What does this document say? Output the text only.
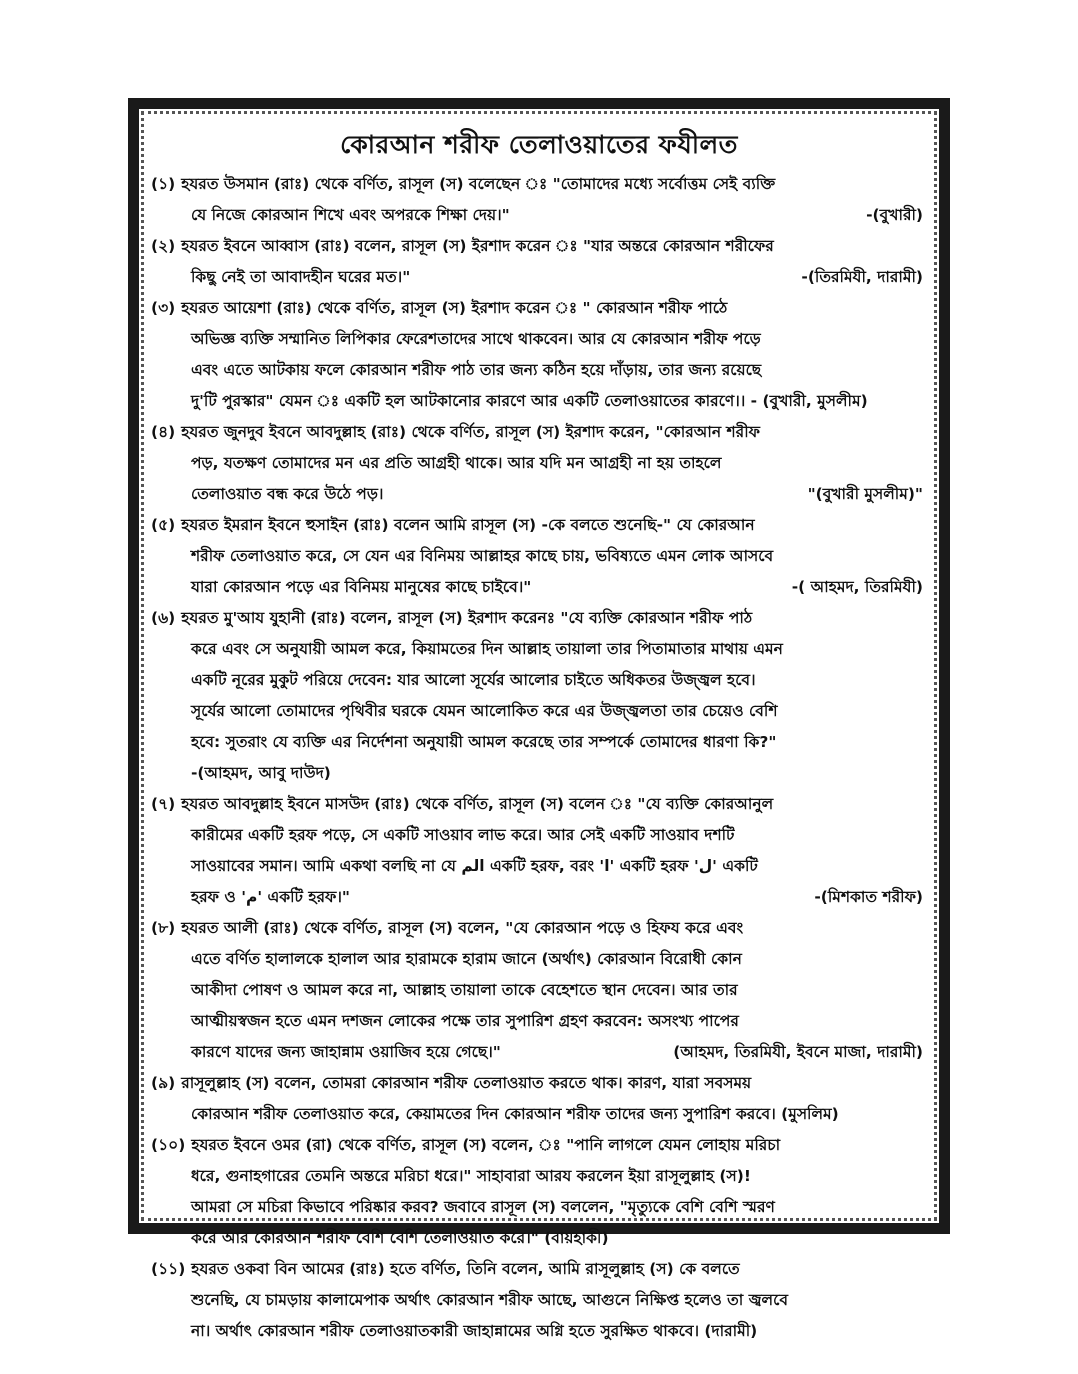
কোরআন শরীফ তেলাওয়াতের ফযীলত
(১) হযরত উসমান (রাঃ) থেকে বর্ণিত, রাসূল (স) বলেছেন ঃ "তোমাদের মধ্যে সর্বোত্তম সেই ব্যক্তি
যে নিজে কোরআন শিখে এবং অপরকে শিক্ষা দেয়।"	-(বুখারী)
(২) হযরত ইবনে আব্বাস (রাঃ) বলেন, রাসূল (স) ইরশাদ করেন ঃ "যার অন্তরে কোরআন শরীফের
কিছু নেই তা আবাদহীন ঘরের মত।"	-(তিরমিযী, দারামী)
(৩) হযরত আয়েশা (রাঃ) থেকে বর্ণিত, রাসূল (স) ইরশাদ করেন ঃ " কোরআন শরীফ পাঠে
অভিজ্ঞ ব্যক্তি সম্মানিত লিপিকার ফেরেশতাদের সাথে থাকবেন। আর যে কোরআন শরীফ পড়ে
এবং এতে আটকায় ফলে কোরআন শরীফ পাঠ তার জন্য কঠিন হয়ে দাঁড়ায়, তার জন্য রয়েছে
দু'টি পুরস্কার" যেমন ঃ একটি হল আটকানোর কারণে আর একটি তেলাওয়াতের কারণে।। - (বুখারী, মুসলীম)
(৪) হযরত জুনদুব ইবনে আবদুল্লাহ (রাঃ) থেকে বর্ণিত, রাসূল (স) ইরশাদ করেন, "কোরআন শরীফ
পড়, যতক্ষণ তোমাদের মন এর প্রতি আগ্রহী থাকে। আর যদি মন আগ্রহী না হয় তাহলে
তেলাওয়াত বন্ধ করে উঠে পড়।	"(বুখারী মুসলীম)"
(৫) হযরত ইমরান ইবনে হুসাইন (রাঃ) বলেন আমি রাসূল (স) -কে বলতে শুনেছি-" যে কোরআন
শরীফ তেলাওয়াত করে, সে যেন এর বিনিময় আল্লাহর কাছে চায়, ভবিষ্যতে এমন লোক আসবে
যারা কোরআন পড়ে এর বিনিময় মানুষের কাছে চাইবে।"	-( আহমদ, তিরমিযী)
(৬) হযরত মু'আয যুহানী (রাঃ) বলেন, রাসূল (স) ইরশাদ করেনঃ "যে ব্যক্তি কোরআন শরীফ পাঠ
করে এবং সে অনুযায়ী আমল করে, কিয়ামতের দিন আল্লাহ তায়ালা তার পিতামাতার মাথায় এমন
একটি নূরের মুকুট পরিয়ে দেবেন: যার আলো সূর্যের আলোর চাইতে অধিকতর উজ্জ্বল হবে।
সূর্যের আলো তোমাদের পৃথিবীর ঘরকে যেমন আলোকিত করে এর উজ্জ্বলতা তার চেয়েও বেশি
হবে: সুতরাং যে ব্যক্তি এর নির্দেশনা অনুযায়ী আমল করেছে তার সম্পর্কে তোমাদের ধারণা কি?"
-(আহমদ, আবু দাউদ)
(৭) হযরত আবদুল্লাহ ইবনে মাসউদ (রাঃ) থেকে বর্ণিত, রাসূল (স) বলেন ঃ "যে ব্যক্তি কোরআনুল
কারীমের একটি হরফ পড়ে, সে একটি সাওয়াব লাভ করে। আর সেই একটি সাওয়াব দশটি
সাওয়াবের সমান। আমি একথা বলছি না যে الم একটি হরফ, বরং 'ا' একটি হরফ 'ل' একটি
হরফ ও 'م' একটি হরফ।"	-(মিশকাত শরীফ)
(৮) হযরত আলী (রাঃ) থেকে বর্ণিত, রাসূল (স) বলেন, "যে কোরআন পড়ে ও হিফয করে এবং
এতে বর্ণিত হালালকে হালাল আর হারামকে হারাম জানে (অর্থাৎ) কোরআন বিরোধী কোন
আকীদা পোষণ ও আমল করে না, আল্লাহ তায়ালা তাকে বেহেশতে স্থান দেবেন। আর তার
আত্মীয়স্বজন হতে এমন দশজন লোকের পক্ষে তার সুপারিশ গ্রহণ করবেন: অসংখ্য পাপের
কারণে যাদের জন্য জাহান্নাম ওয়াজিব হয়ে গেছে।"	(আহমদ, তিরমিযী, ইবনে মাজা, দারামী)
(৯) রাসূলুল্লাহ (স) বলেন, তোমরা কোরআন শরীফ তেলাওয়াত করতে থাক। কারণ, যারা সবসময়
কোরআন শরীফ তেলাওয়াত করে, কেয়ামতের দিন কোরআন শরীফ তাদের জন্য সুপারিশ করবে। (মুসলিম)
(১০) হযরত ইবনে ওমর (রা) থেকে বর্ণিত, রাসূল (স) বলেন, ঃ "পানি লাগলে যেমন লোহায় মরিচা
ধরে, গুনাহগারের তেমনি অন্তরে মরিচা ধরে।" সাহাবারা আরয করলেন ইয়া রাসূলুল্লাহ (স)!
আমরা সে মচিরা কিভাবে পরিষ্কার করব? জবাবে রাসূল (স) বললেন, "মৃত্যুকে বেশি বেশি স্মরণ
করে আর কোরআন শরীফ বেশি বেশি তেলাওয়াত করে।" (বায়হাকী)
(১১) হযরত ওকবা বিন আমের (রাঃ) হতে বর্ণিত, তিনি বলেন, আমি রাসূলুল্লাহ (স) কে বলতে
শুনেছি, যে চামড়ায় কালামেপাক অর্থাৎ কোরআন শরীফ আছে, আগুনে নিক্ষিপ্ত হলেও তা জ্বলবে
না। অর্থাৎ কোরআন শরীফ তেলাওয়াতকারী জাহান্নামের অগ্নি হতে সুরক্ষিত থাকবে। (দারামী)
